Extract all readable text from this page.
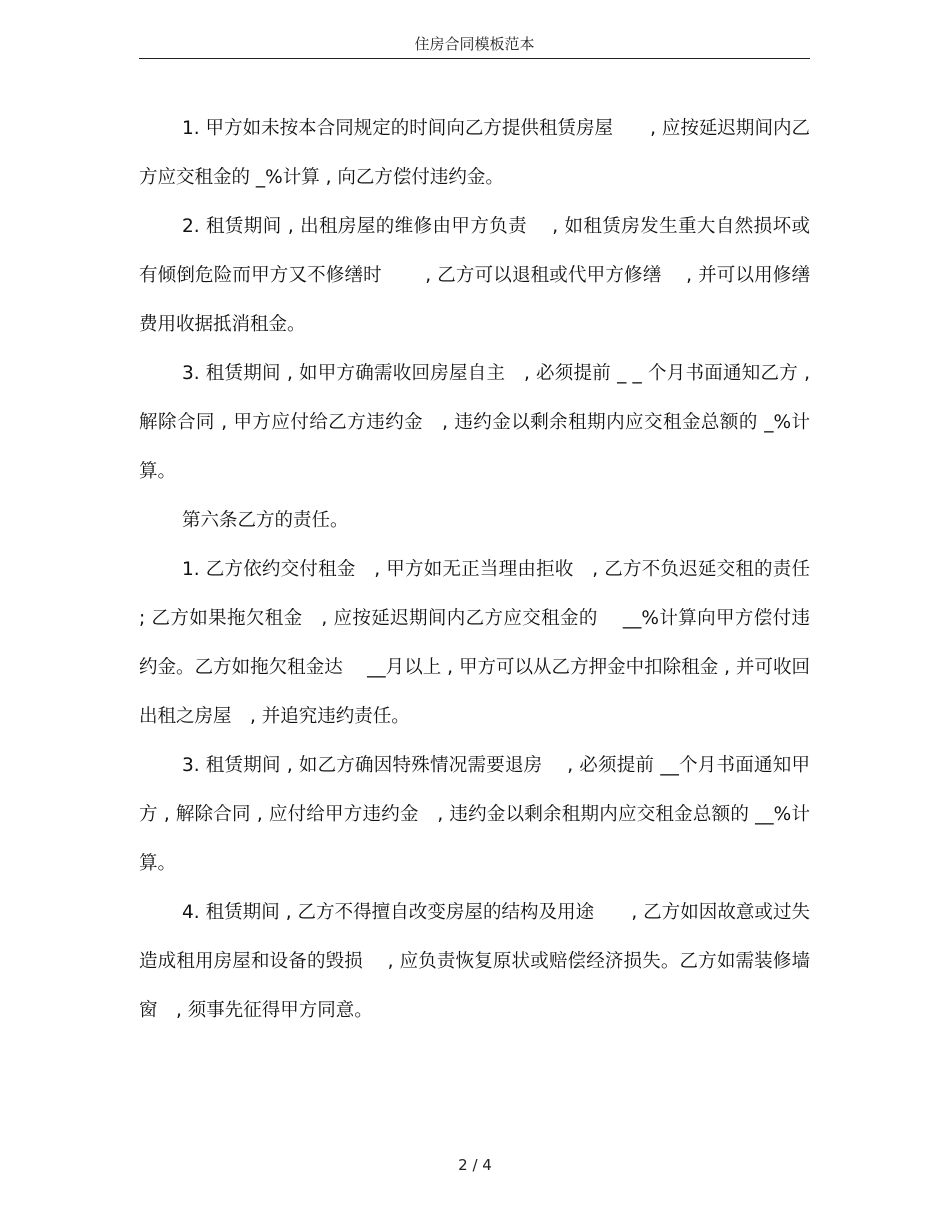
住房合同模板范本

1. 甲方如未按本合同规定的时间向乙方提供租赁房屋　　, 应按延迟期间内乙方应交租金的 _%计算 , 向乙方偿付违约金。

2. 租赁期间 , 出租房屋的维修由甲方负责　 , 如租赁房发生重大自然损坏或有倾倒危险而甲方又不修缮时　　 , 乙方可以退租或代甲方修缮　 , 并可以用修缮费用收据抵消租金。

3. 租赁期间 , 如甲方确需收回房屋自主　, 必须提前 _ _ 个月书面通知乙方 , 解除合同 , 甲方应付给乙方违约金　, 违约金以剩余租期内应交租金总额的 _%计算。

第六条乙方的责任。

1. 乙方依约交付租金　, 甲方如无正当理由拒收　, 乙方不负迟延交租的责任 ; 乙方如果拖欠租金　, 应按延迟期间内乙方应交租金的　 __%计算向甲方偿付违约金。乙方如拖欠租金达　 __月以上 , 甲方可以从乙方押金中扣除租金 , 并可收回出租之房屋　, 并追究违约责任。

3. 租赁期间 , 如乙方确因特殊情况需要退房　 , 必须提前 __个月书面通知甲方 , 解除合同 , 应付给甲方违约金　, 违约金以剩余租期内应交租金总额的 __%计算。

4. 租赁期间 , 乙方不得擅自改变房屋的结构及用途　　, 乙方如因故意或过失造成租用房屋和设备的毁损　 , 应负责恢复原状或赔偿经济损失。乙方如需装修墙窗　, 须事先征得甲方同意。

2 / 4
